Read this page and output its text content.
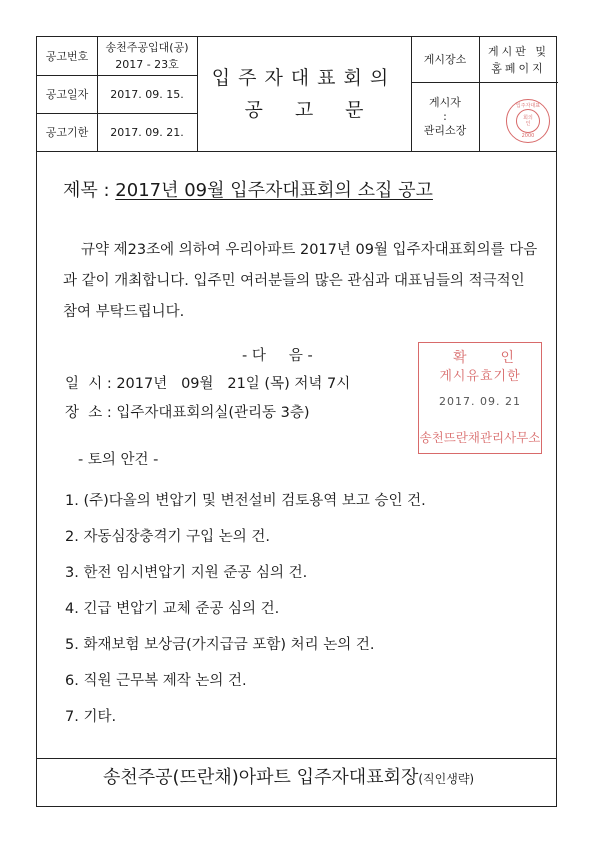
공고번호
송천주공입대(공)
2017 - 23호
공고일자	2017. 09. 15.
공고기한	2017. 09. 21.
입주자대표회의
공고문
게시장소
게시판 및
홈페이지
게시자
:
관리소장
입주자대표
회의
인
2000
제목 : 2017년 09월 입주자대표회의 소집 공고
규약 제23조에 의하여 우리아파트 2017년 09월 입주자대표회의를 다음과 같이 개최합니다. 입주민 여러분들의 많은 관심과 대표님들의 적극적인 참여 부탁드립니다.
- 다     음 -
일  시 : 2017년   09월   21일 (목) 저녁 7시
장  소 : 입주자대표회의실(관리동 3층)
- 토의 안건 -
1. (주)다올의 변압기 및 변전설비 검토용역 보고 승인 건.
2. 자동심장충격기 구입 논의 건.
3. 한전 임시변압기 지원 준공 심의 건.
4. 긴급 변압기 교체 준공 심의 건.
5. 화재보험 보상금(가지급금 포함) 처리 논의 건.
6. 직원 근무복 제작 논의 건.
7. 기타.
확인
게시유효기한
2017. 09. 21
송천뜨란채관리사무소
송천주공(뜨란채)아파트 입주자대표회장(직인생략)
